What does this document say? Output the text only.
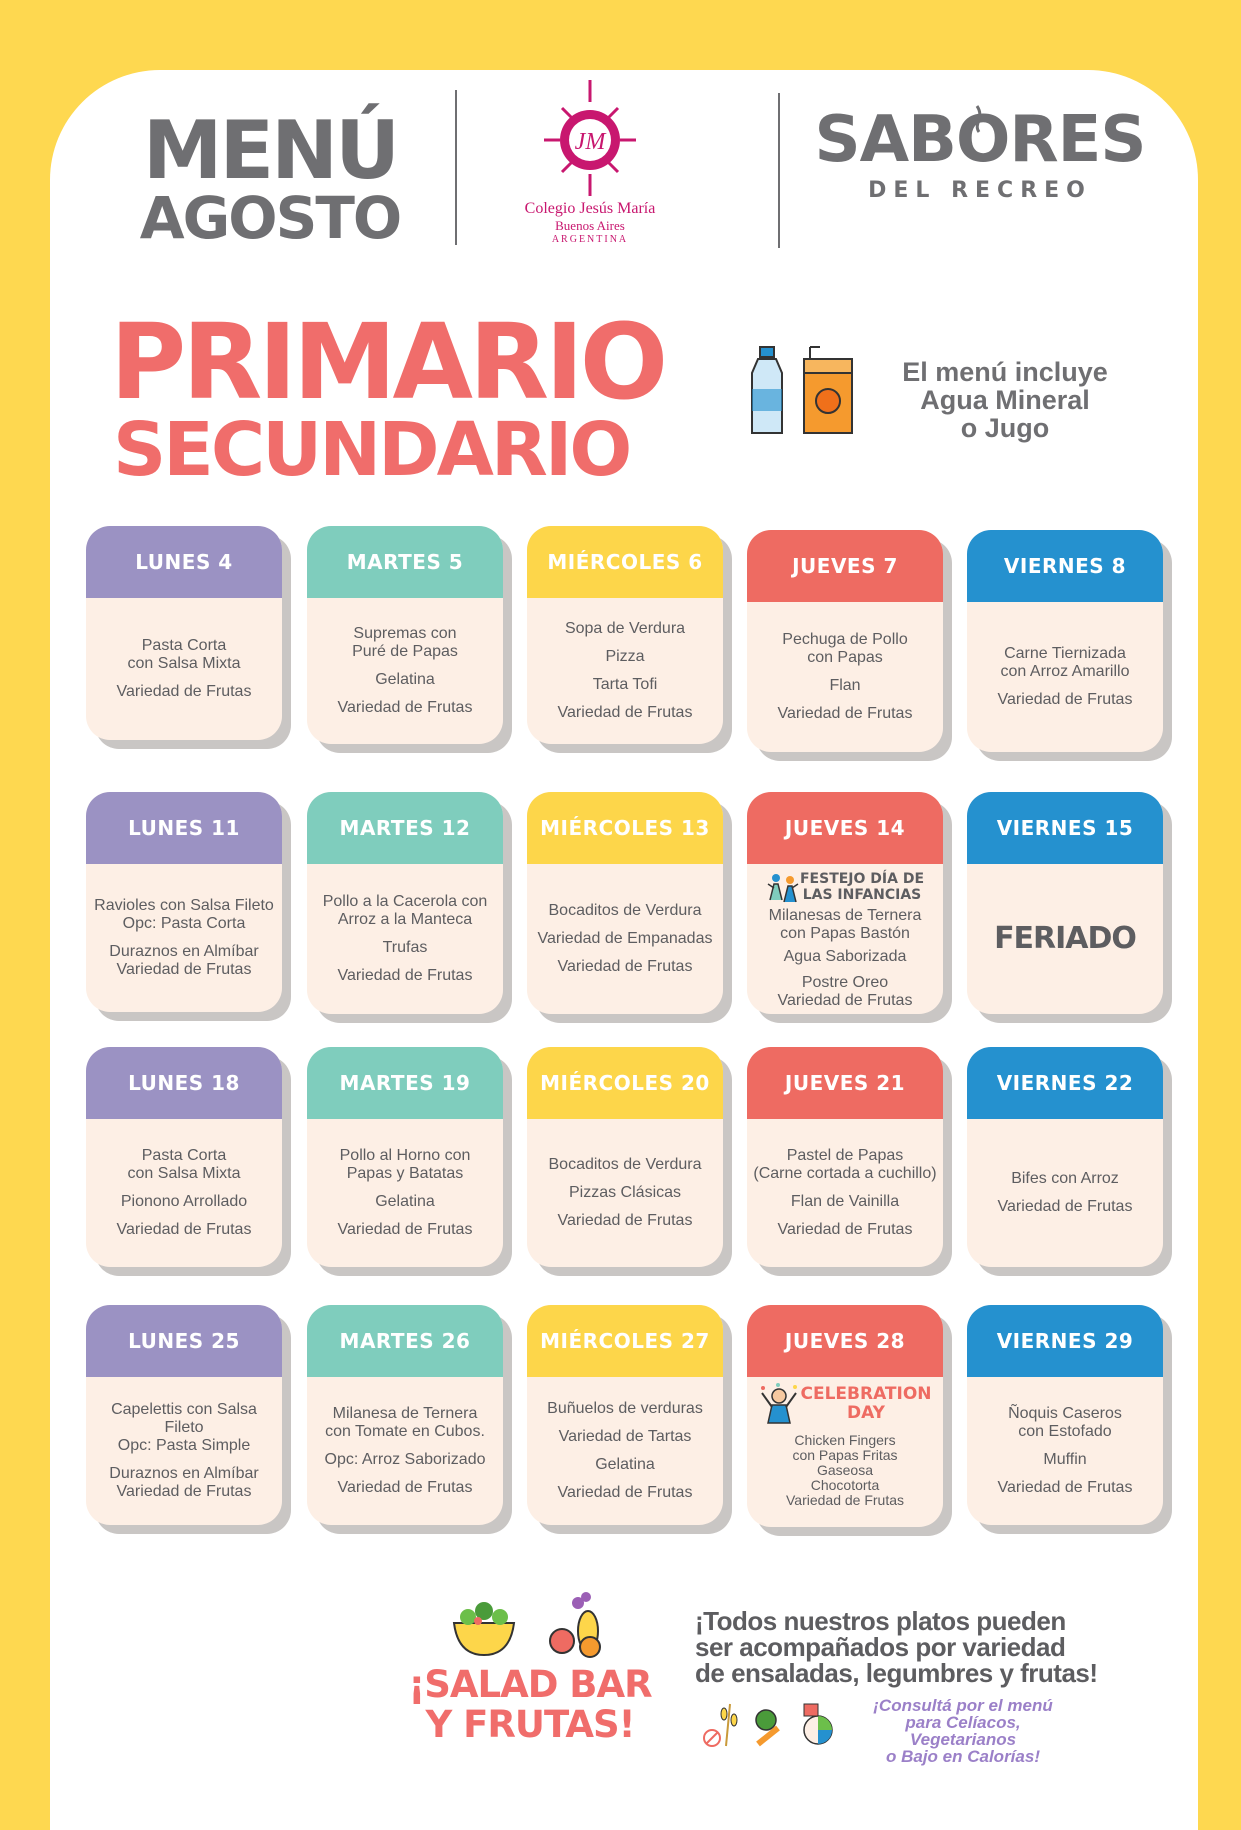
MENÚ
AGOSTO
JM
Colegio Jesús María
Buenos Aires
ARGENTINA
SABORES
DEL RECREO
PRIMARIO
SECUNDARIO
El menú incluye
Agua Mineral
o Jugo
LUNES 4
Pasta Corta
con Salsa Mixta
Variedad de Frutas
MARTES 5
Supremas con
Puré de Papas
Gelatina
Variedad de Frutas
MIÉRCOLES 6
Sopa de Verdura
Pizza
Tarta Tofi
Variedad de Frutas
JUEVES 7
Pechuga de Pollo
con Papas
Flan
Variedad de Frutas
VIERNES 8
Carne Tiernizada
con Arroz Amarillo
Variedad de Frutas
LUNES 11
Ravioles con Salsa Fileto
Opc: Pasta Corta
Duraznos en Almíbar
Variedad de Frutas
MARTES 12
Pollo a la Cacerola con
Arroz a la Manteca
Trufas
Variedad de Frutas
MIÉRCOLES 13
Bocaditos de Verdura
Variedad de Empanadas
Variedad de Frutas
JUEVES 14
FESTEJO DÍA DE
LAS INFANCIAS
Milanesas de Ternera
con Papas Bastón
Agua Saborizada
Postre Oreo
Variedad de Frutas
VIERNES 15
FERIADO
LUNES 18
Pasta Corta
con Salsa Mixta
Pionono Arrollado
Variedad de Frutas
MARTES 19
Pollo al Horno con
Papas y Batatas
Gelatina
Variedad de Frutas
MIÉRCOLES 20
Bocaditos de Verdura
Pizzas Clásicas
Variedad de Frutas
JUEVES 21
Pastel de Papas
(Carne cortada a cuchillo)
Flan de Vainilla
Variedad de Frutas
VIERNES 22
Bifes con Arroz
Variedad de Frutas
LUNES 25
Capelettis con Salsa Fileto
Opc: Pasta Simple
Duraznos en Almíbar
Variedad de Frutas
MARTES 26
Milanesa de Ternera
con Tomate en Cubos.
Opc: Arroz Saborizado
Variedad de Frutas
MIÉRCOLES 27
Buñuelos de verduras
Variedad de Tartas
Gelatina
Variedad de Frutas
JUEVES 28
CELEBRATION
DAY
Chicken Fingers
con Papas Fritas
Gaseosa
Chocotorta
Variedad de Frutas
VIERNES 29
Ñoquis Caseros
con Estofado
Muffin
Variedad de Frutas
¡SALAD BAR
Y FRUTAS!
¡Todos nuestros platos pueden
ser acompañados por variedad
de ensaladas, legumbres y frutas!
¡Consultá por el menú
para Celíacos, Vegetarianos
o Bajo en Calorías!
